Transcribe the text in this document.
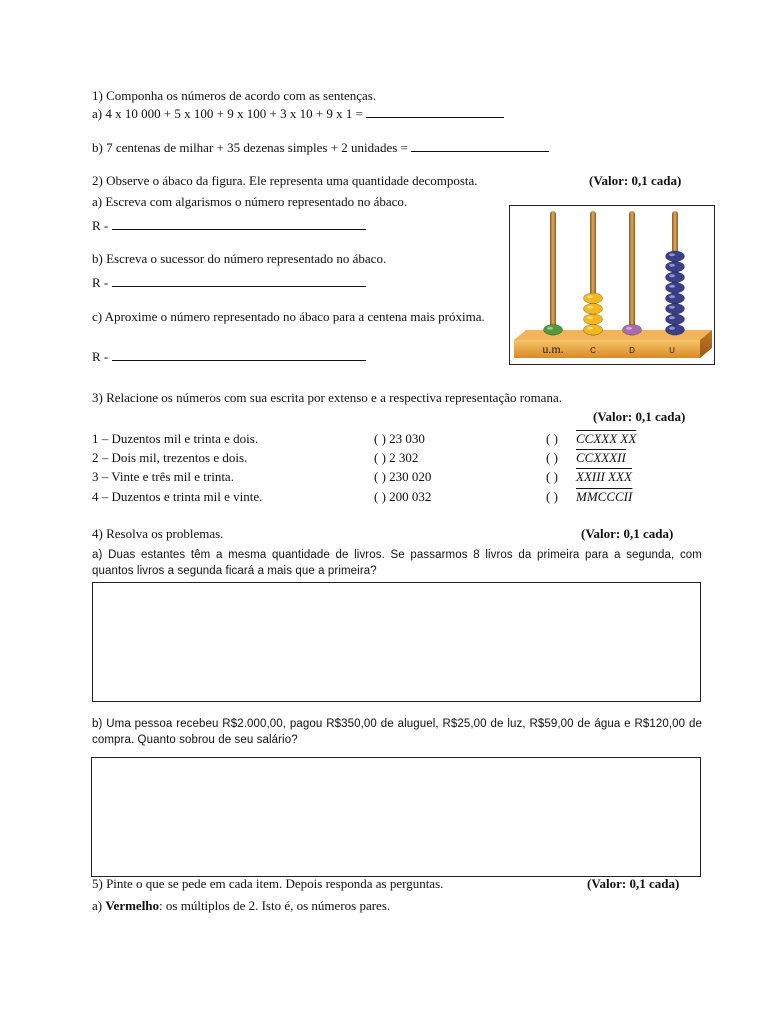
1) Componha os números de acordo com as sentenças.
a) 4 x 10 000 + 5 x 100 + 9 x 100 + 3 x 10 + 9 x 1 =
b) 7 centenas de milhar + 35 dezenas simples + 2 unidades =
2) Observe o ábaco da figura. Ele representa uma quantidade decomposta.	(Valor: 0,1 cada)
a) Escreva com algarismos o número representado no ábaco.
R -
b) Escreva o sucessor do número representado no ábaco.
R -
c) Aproxime o número representado no ábaco para a centena mais próxima.
R -	u.m.	C	D	U
3) Relacione os números com sua escrita por extenso e a respectiva representação romana.
(Valor: 0,1 cada)
1 – Duzentos mil e trinta e dois.	( ) 23 030	( ) CCXXX XX
2 – Dois mil, trezentos e dois.	( ) 2 302	( ) CCXXXII
3 – Vinte e três mil e trinta.	( ) 230 020	( ) XXIII XXX
4 – Duzentos e trinta mil e vinte.	( ) 200 032	( ) MMCCCII
4) Resolva os problemas.	(Valor: 0,1 cada)
a) Duas estantes têm a mesma quantidade de livros. Se passarmos 8 livros da primeira para a segunda, com quantos livros a segunda ficará a mais que a primeira?
b) Uma pessoa recebeu R$2.000,00, pagou R$350,00 de aluguel, R$25,00 de luz, R$59,00 de água e R$120,00 de compra. Quanto sobrou de seu salário?
5) Pinte o que se pede em cada item. Depois responda as perguntas.	(Valor: 0,1 cada)
a) Vermelho: os múltiplos de 2. Isto é, os números pares.
